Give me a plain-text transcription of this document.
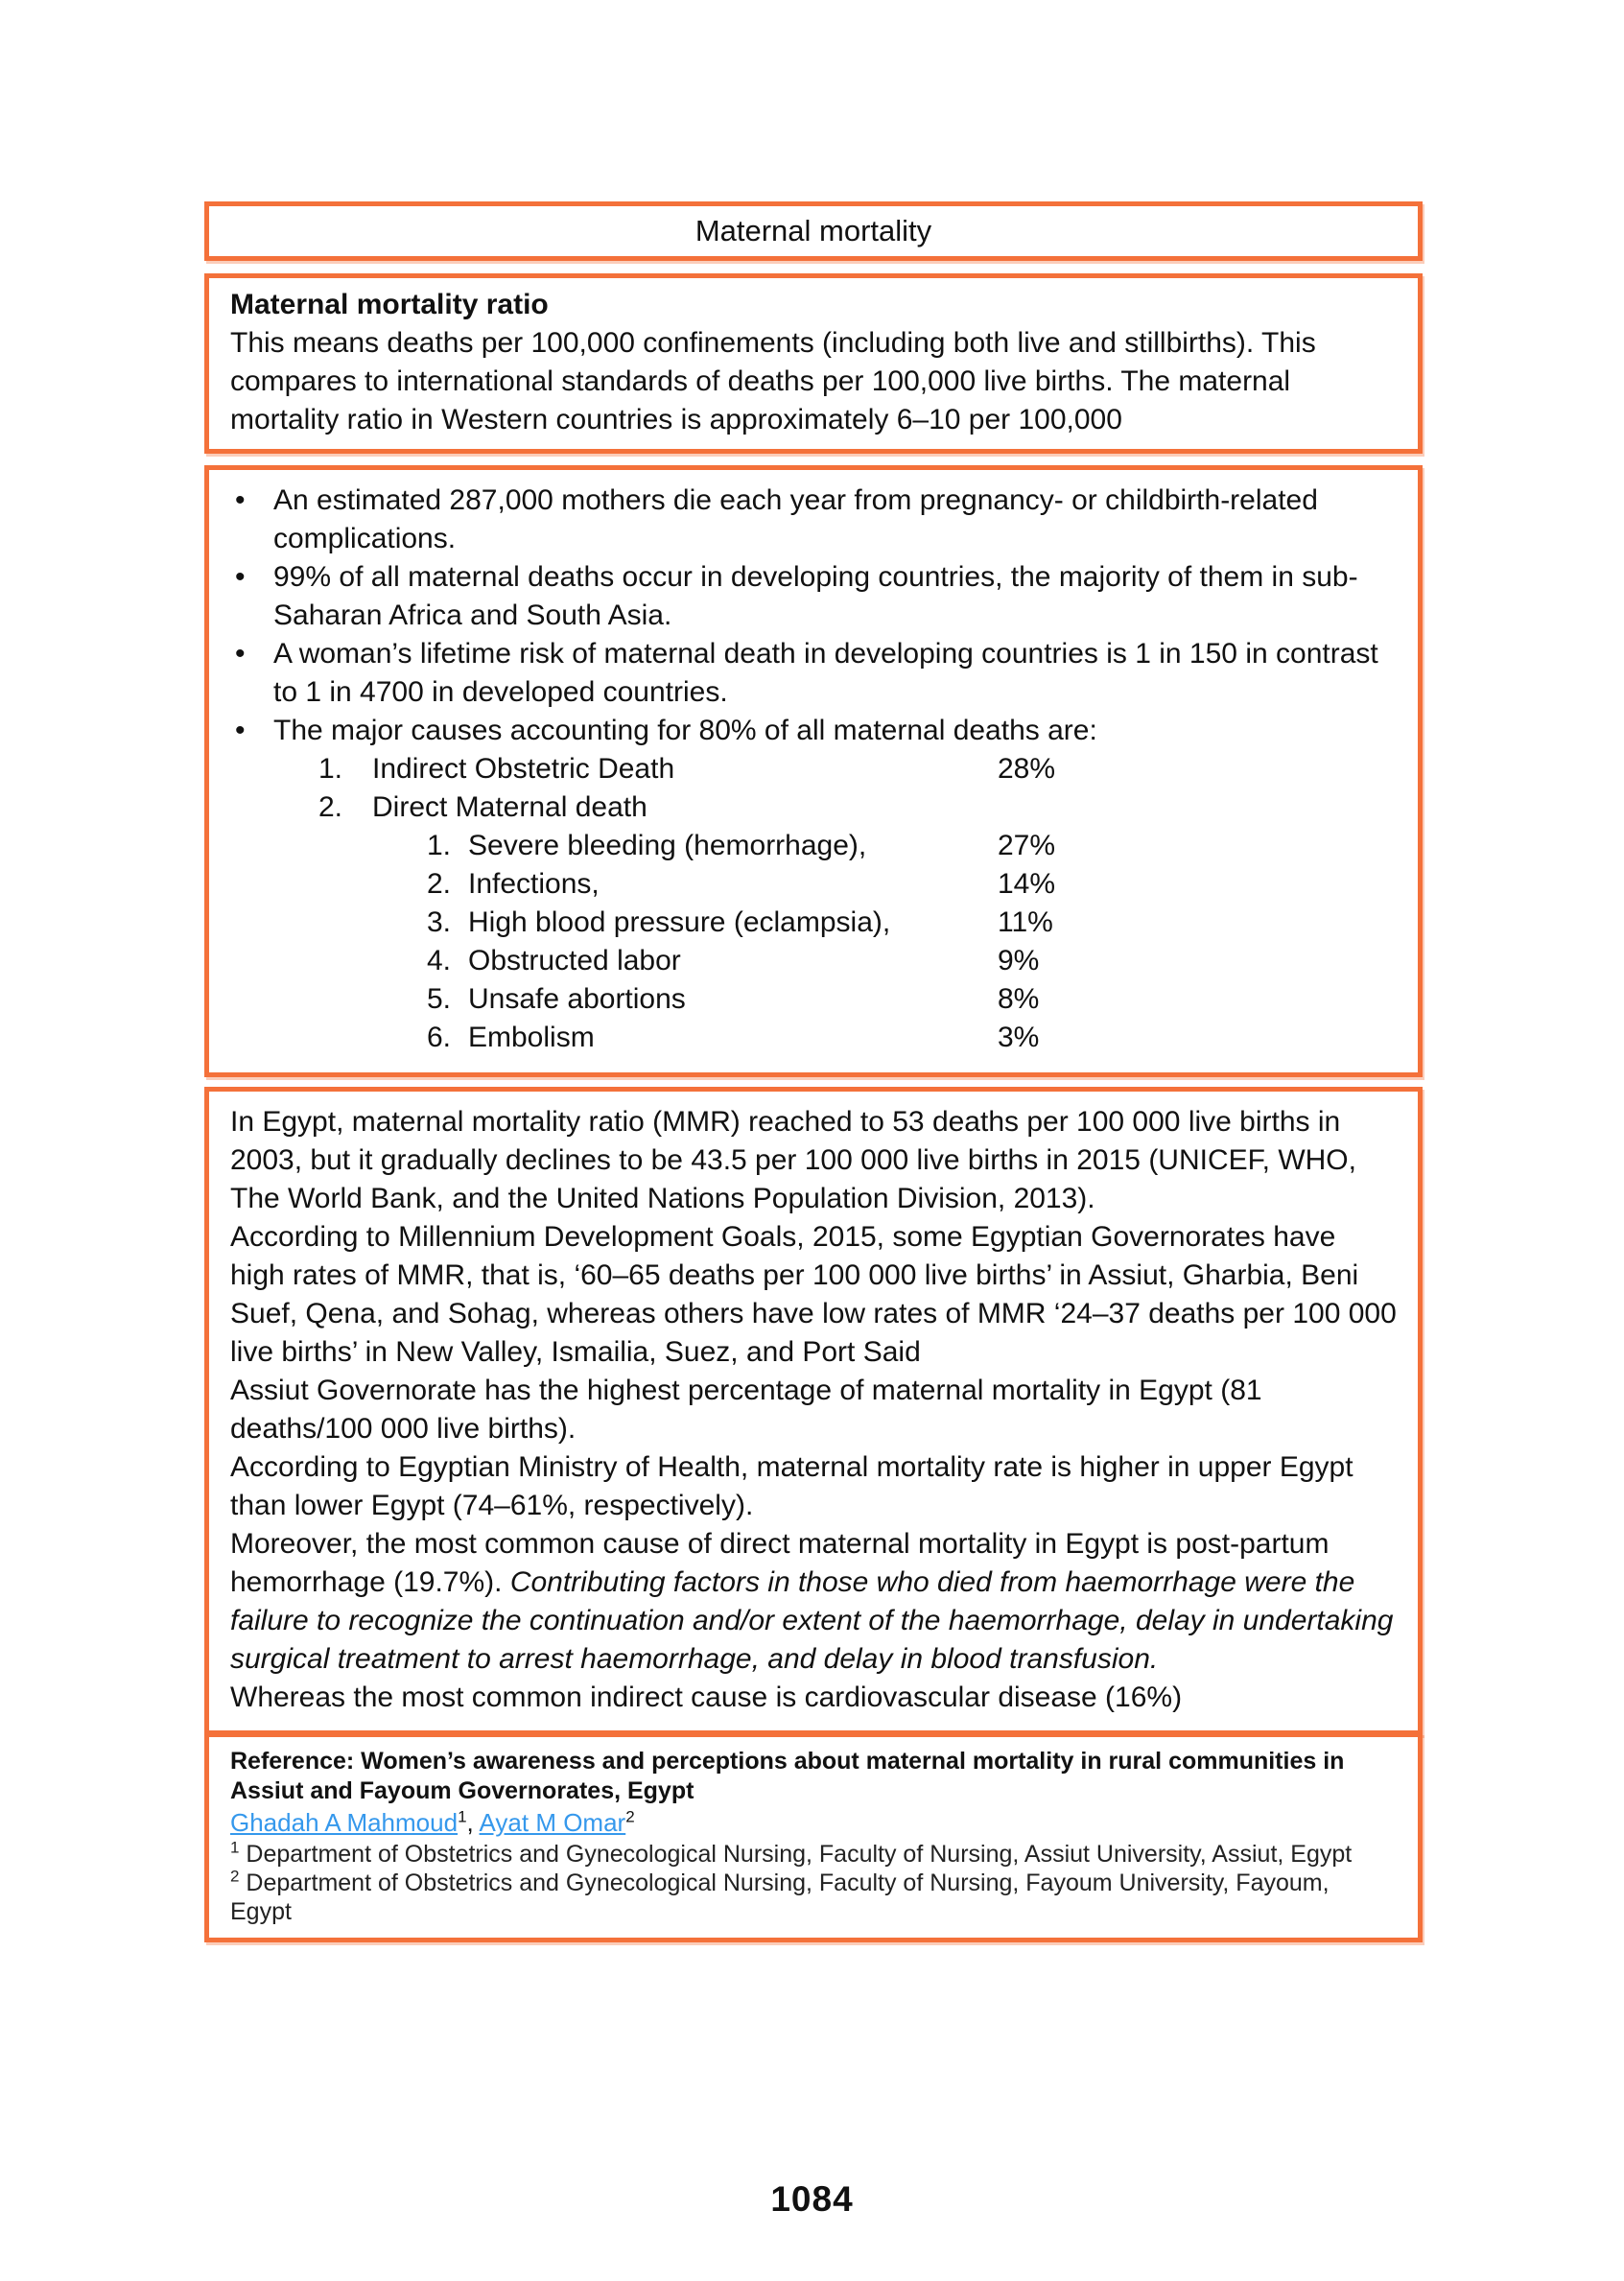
Maternal mortality
Maternal mortality ratio
This means deaths per 100,000 confinements (including both live and stillbirths). This compares to international standards of deaths per 100,000 live births. The maternal mortality ratio in Western countries is approximately 6–10 per 100,000
• An estimated 287,000 mothers die each year from pregnancy- or childbirth-related complications.
• 99% of all maternal deaths occur in developing countries, the majority of them in sub-Saharan Africa and South Asia.
• A woman’s lifetime risk of maternal death in developing countries is 1 in 150 in contrast to 1 in 4700 in developed countries.
• The major causes accounting for 80% of all maternal deaths are:
1.	Indirect Obstetric Death	28%
2.	Direct Maternal death
1. Severe bleeding (hemorrhage),	27%
2. Infections,	14%
3. High blood pressure (eclampsia),	11%
4. Obstructed labor	9%
5. Unsafe abortions	8%
6. Embolism	3%

In Egypt, maternal mortality ratio (MMR) reached to 53 deaths per 100 000 live births in 2003, but it gradually declines to be 43.5 per 100 000 live births in 2015 (UNICEF, WHO, The World Bank, and the United Nations Population Division, 2013).

According to Millennium Development Goals, 2015, some Egyptian Governorates have high rates of MMR, that is, ‘60–65 deaths per 100 000 live births’ in Assiut, Gharbia, Beni Suef, Qena, and Sohag, whereas others have low rates of MMR ‘24–37 deaths per 100 000 live births’ in New Valley, Ismailia, Suez, and Port Said

Assiut Governorate has the highest percentage of maternal mortality in Egypt (81 deaths/100 000 live births).

According to Egyptian Ministry of Health, maternal mortality rate is higher in upper Egypt than lower Egypt (74–61%, respectively).

Moreover, the most common cause of direct maternal mortality in Egypt is post-partum hemorrhage (19.7%). Contributing factors in those who died from haemorrhage were the failure to recognize the continuation and/or extent of the haemorrhage, delay in undertaking surgical treatment to arrest haemorrhage, and delay in blood transfusion.

Whereas the most common indirect cause is cardiovascular disease (16%)

Reference: Women’s awareness and perceptions about maternal mortality in rural communities in Assiut and Fayoum Governorates, Egypt
Ghadah A Mahmoud$^1$, Ayat M Omar$^2$
$^1$ Department of Obstetrics and Gynecological Nursing, Faculty of Nursing, Assiut University, Assiut, Egypt
$^2$ Department of Obstetrics and Gynecological Nursing, Faculty of Nursing, Fayoum University, Fayoum, Egypt
1084
